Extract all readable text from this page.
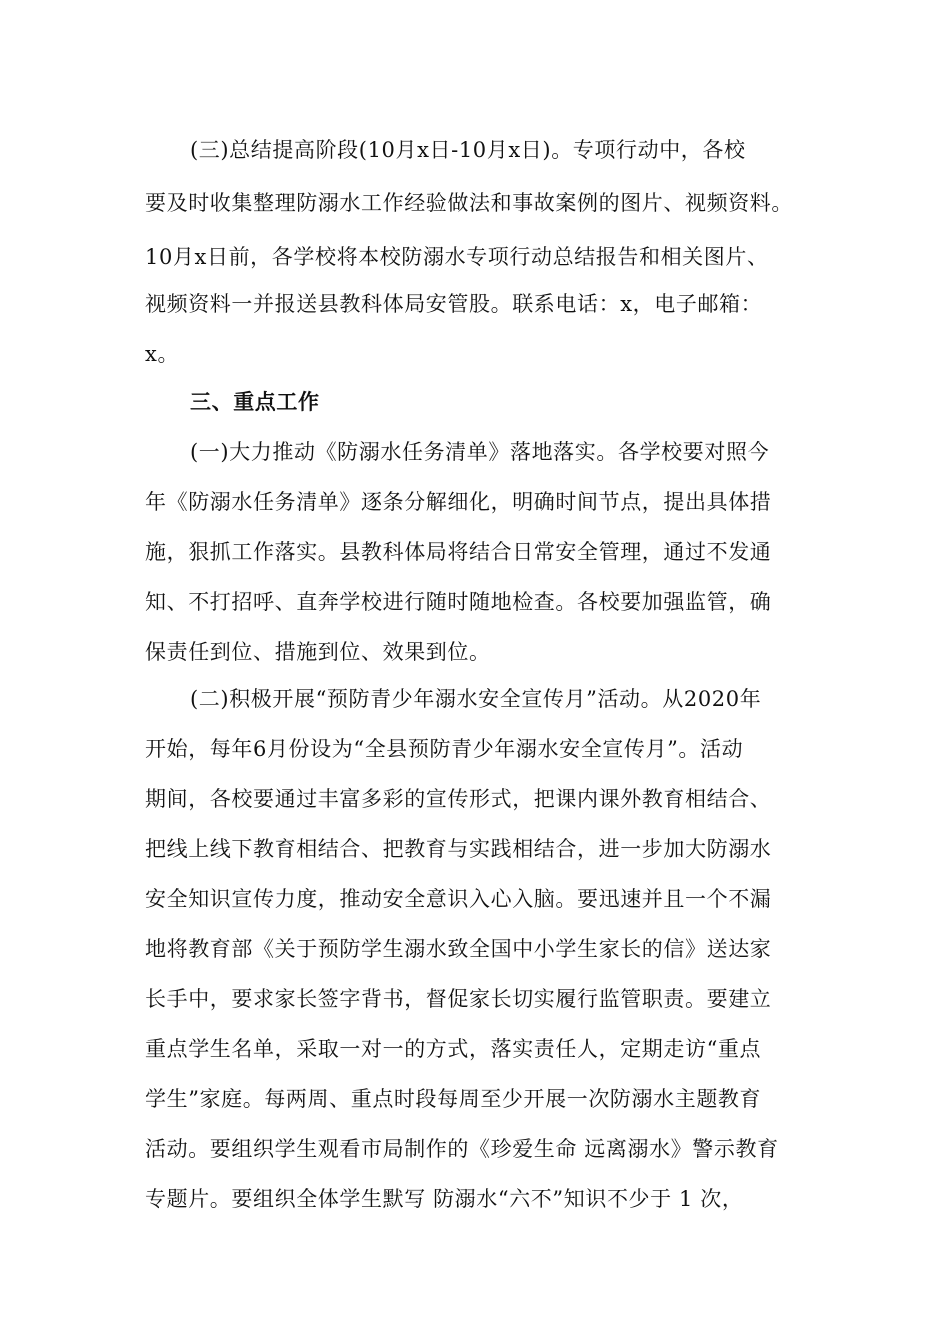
(三)总结提高阶段(10月x日-10月x日)。专项行动中，各校
要及时收集整理防溺水工作经验做法和事故案例的图片、视频资料。
10月x日前，各学校将本校防溺水专项行动总结报告和相关图片、
视频资料一并报送县教科体局安管股。联系电话：x，电子邮箱：
x。
三、重点工作
(一)大力推动《防溺水任务清单》落地落实。各学校要对照今
年《防溺水任务清单》逐条分解细化，明确时间节点，提出具体措
施，狠抓工作落实。县教科体局将结合日常安全管理，通过不发通
知、不打招呼、直奔学校进行随时随地检查。各校要加强监管，确
保责任到位、措施到位、效果到位。
(二)积极开展“预防青少年溺水安全宣传月”活动。从2020年
开始，每年6月份设为“全县预防青少年溺水安全宣传月”。活动
期间，各校要通过丰富多彩的宣传形式，把课内课外教育相结合、
把线上线下教育相结合、把教育与实践相结合，进一步加大防溺水
安全知识宣传力度，推动安全意识入心入脑。要迅速并且一个不漏
地将教育部《关于预防学生溺水致全国中小学生家长的信》送达家
长手中，要求家长签字背书，督促家长切实履行监管职责。要建立
重点学生名单，采取一对一的方式，落实责任人，定期走访“重点
学生”家庭。每两周、重点时段每周至少开展一次防溺水主题教育
活动。要组织学生观看市局制作的《珍爱生命 远离溺水》警示教育
专题片。要组织全体学生默写 防溺水“六不”知识不少于 1 次，
